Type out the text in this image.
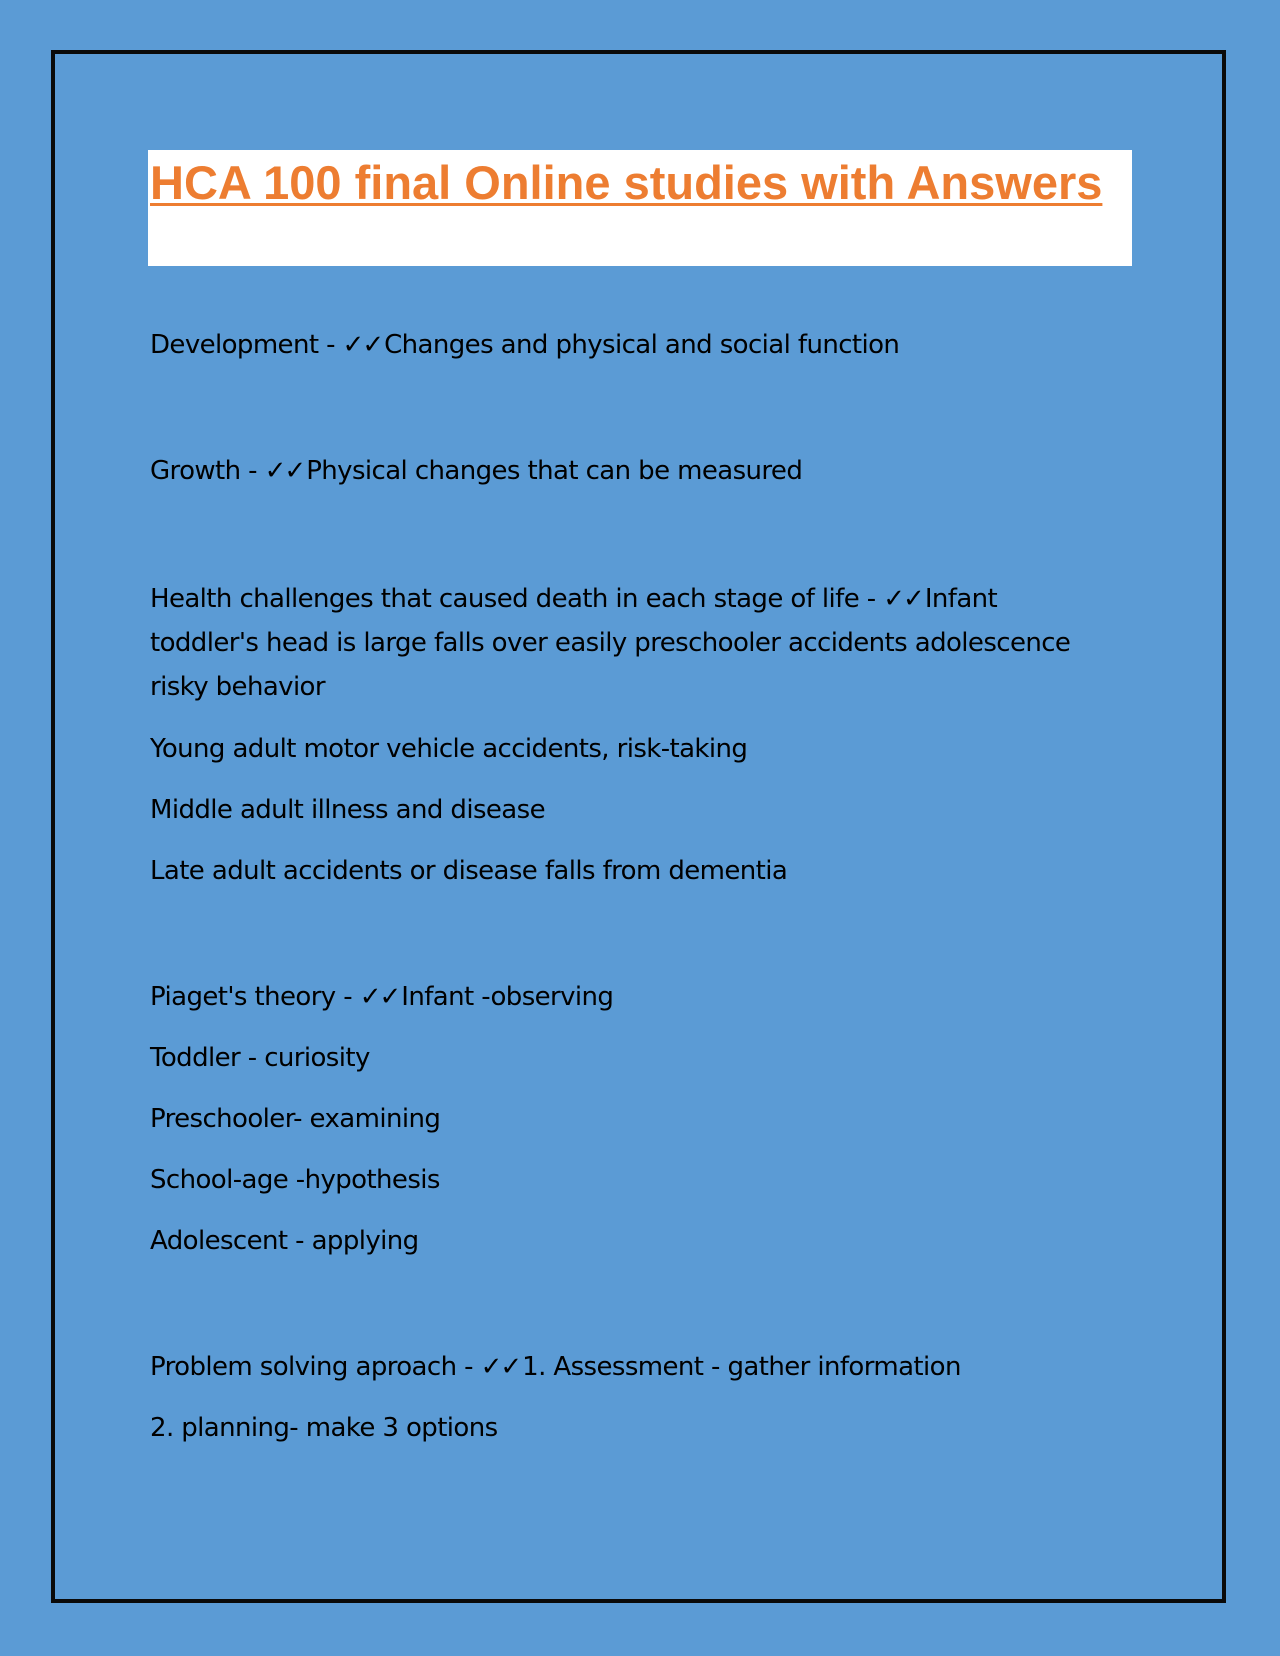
HCA 100 final Online studies with Answers
Development - ✓✓Changes and physical and social function
Growth - ✓✓Physical changes that can be measured
Health challenges that caused death in each stage of life - ✓✓Infant toddler's head is large falls over easily preschooler accidents adolescence risky behavior
Young adult motor vehicle accidents, risk-taking
Middle adult illness and disease
Late adult accidents or disease falls from dementia
Piaget's theory - ✓✓Infant -observing
Toddler - curiosity
Preschooler- examining
School-age -hypothesis
Adolescent - applying
Problem solving aproach - ✓✓1. Assessment - gather information
2. planning- make 3 options
